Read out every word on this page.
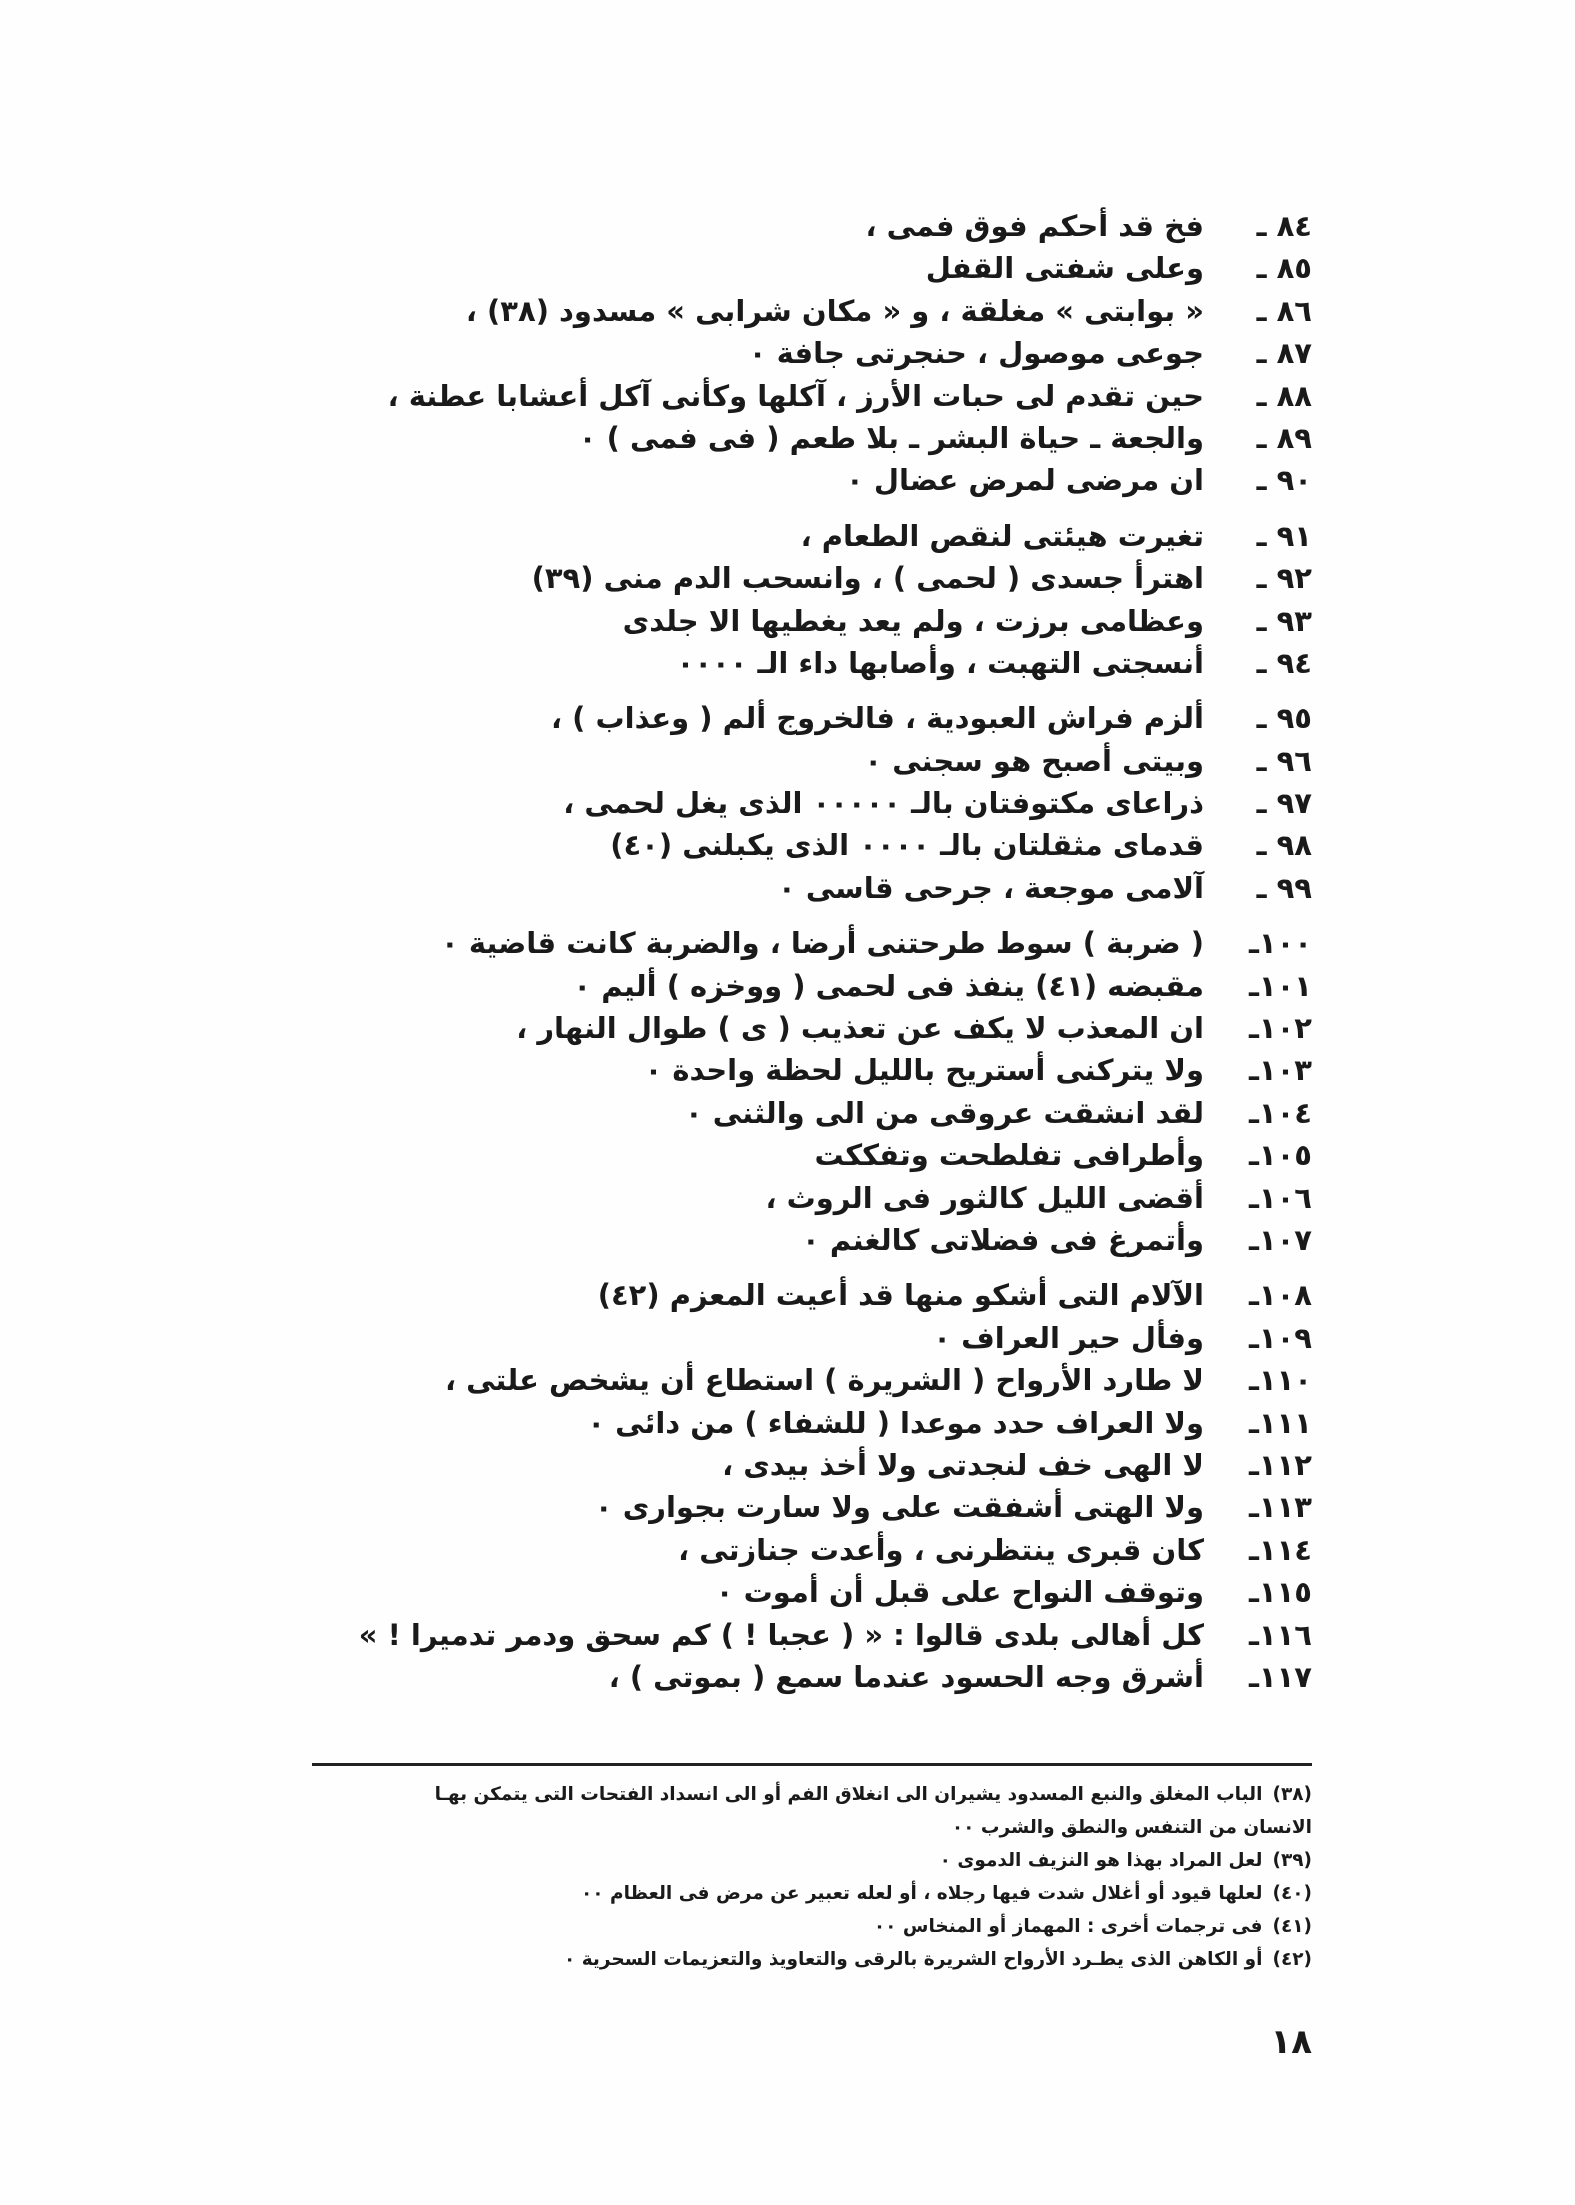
٨٤ ـ
فخ قد أحكم فوق فمى ،
٨٥ ـ
وعلى شفتى القفل
٨٦ ـ
« بوابتى » مغلقة ، و « مكان شرابى » مسدود (٣٨) ،
٨٧ ـ
جوعى موصول ، حنجرتى جافة ٠
٨٨ ـ
حين تقدم لى حبات الأرز ، آكلها وكأنى آكل أعشابا عطنة ،
٨٩ ـ
والجعة ـ حياة البشر ـ بلا طعم ( فى فمى ) ٠
٩٠ ـ
ان مرضى لمرض عضال ٠
٩١ ـ
تغيرت هيئتى لنقص الطعام ،
٩٢ ـ
اهترأ جسدى ( لحمى ) ، وانسحب الدم منى (٣٩)
٩٣ ـ
وعظامى برزت ، ولم يعد يغطيها الا جلدى
٩٤ ـ
أنسجتى التهبت ، وأصابها داء الـ ٠٠٠٠
٩٥ ـ
ألزم فراش العبودية ، فالخروج ألم ( وعذاب ) ،
٩٦ ـ
وبيتى أصبح هو سجنى ٠
٩٧ ـ
ذراعاى مكتوفتان بالـ ٠٠٠٠٠ الذى يغل لحمى ،
٩٨ ـ
قدماى مثقلتان بالـ ٠٠٠٠ الذى يكبلنى (٤٠)
٩٩ ـ
آلامى موجعة ، جرحى قاسى ٠
١٠٠ـ
( ضربة ) سوط طرحتنى أرضا ، والضربة كانت قاضية ٠
١٠١ـ
مقبضه (٤١) ينفذ فى لحمى ( ووخزه ) أليم ٠
١٠٢ـ
ان المعذب لا يكف عن تعذيب ( ى ) طوال النهار ،
١٠٣ـ
ولا يتركنى أستريح بالليل لحظة واحدة ٠
١٠٤ـ
لقد انشقت عروقى من الى والثنى ٠
١٠٥ـ
وأطرافى تفلطحت وتفككت
١٠٦ـ
أقضى الليل كالثور فى الروث ،
١٠٧ـ
وأتمرغ فى فضلاتى كالغنم ٠
١٠٨ـ
الآلام التى أشكو منها قد أعيت المعزم (٤٢)
١٠٩ـ
وفأل حير العراف ٠
١١٠ـ
لا طارد الأرواح ( الشريرة ) استطاع أن يشخص علتى ،
١١١ـ
ولا العراف حدد موعدا ( للشفاء ) من دائى ٠
١١٢ـ
لا الهى خف لنجدتى ولا أخذ بيدى ،
١١٣ـ
ولا الهتى أشفقت على ولا سارت بجوارى ٠
١١٤ـ
كان قبرى ينتظرنى ، وأعدت جنازتى ،
١١٥ـ
وتوقف النواح على قبل أن أموت ٠
١١٦ـ
كل أهالى بلدى قالوا : « ( عجبا ! ) كم سحق ودمر تدميرا ! »
١١٧ـ
أشرق وجه الحسود عندما سمع ( بموتى ) ،
(٣٨)الباب المغلق والنبع المسدود يشيران الى انغلاق الفم أو الى انسداد الفتحات التى يتمكن بهـا
الانسان من التنفس والنطق والشرب ٠٠
(٣٩)لعل المراد بهذا هو النزيف الدموى ٠
(٤٠)لعلها قيود أو أغلال شدت فيها رجلاه ، أو لعله تعبير عن مرض فى العظام ٠٠
(٤١)فى ترجمات أخرى : المهماز أو المنخاس ٠٠
(٤٢)أو الكاهن الذى يطـرد الأرواح الشريرة بالرقى والتعاويذ والتعزيمات السحرية ٠
١٨
